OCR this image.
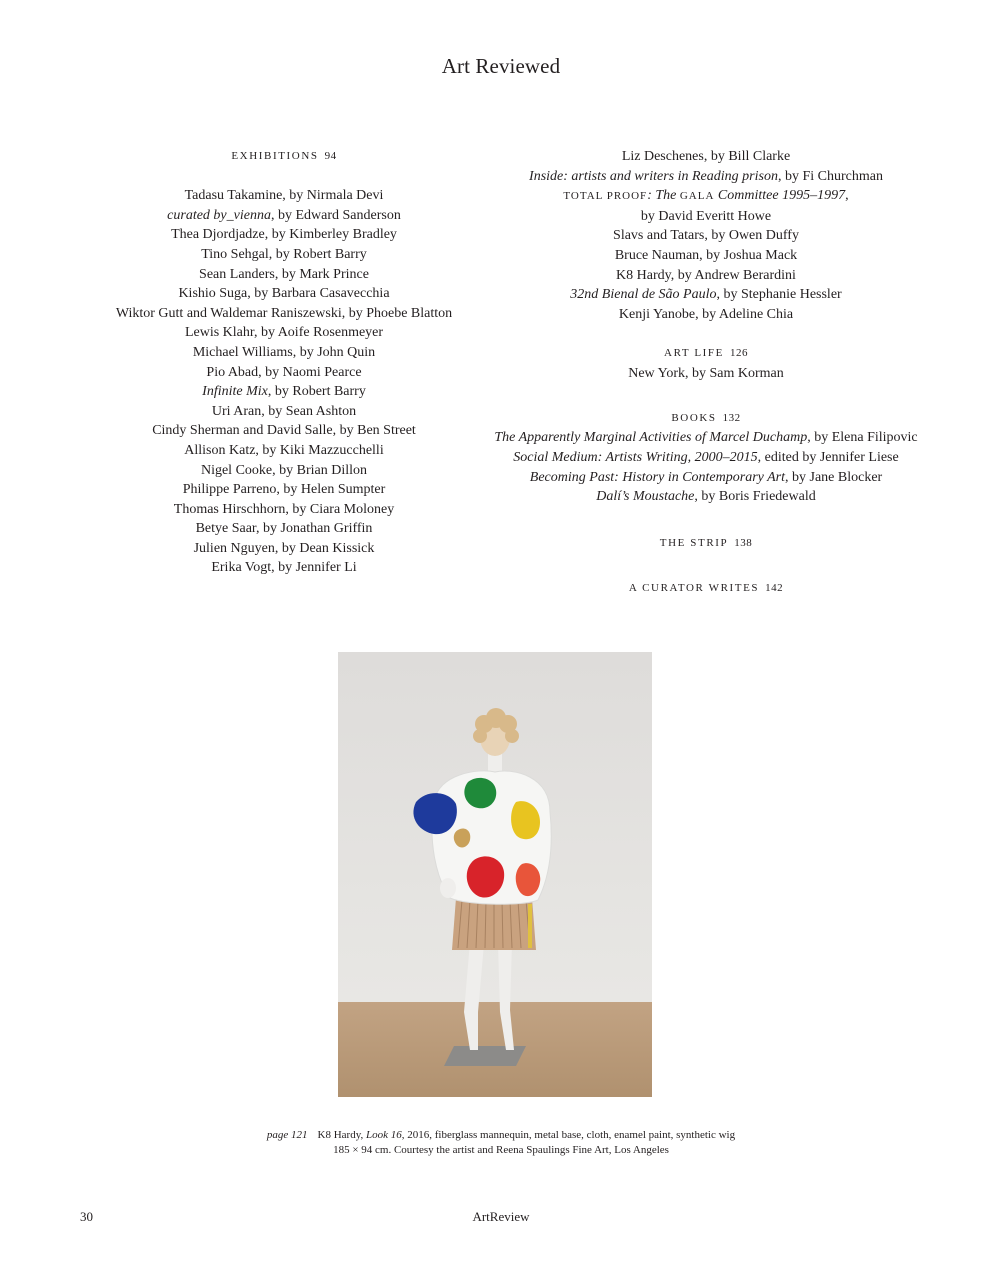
Art Reviewed
EXHIBITIONS 94
Tadasu Takamine, by Nirmala Devi
curated by_vienna, by Edward Sanderson
Thea Djordjadze, by Kimberley Bradley
Tino Sehgal, by Robert Barry
Sean Landers, by Mark Prince
Kishio Suga, by Barbara Casavecchia
Wiktor Gutt and Waldemar Raniszewski, by Phoebe Blatton
Lewis Klahr, by Aoife Rosenmeyer
Michael Williams, by John Quin
Pio Abad, by Naomi Pearce
Infinite Mix, by Robert Barry
Uri Aran, by Sean Ashton
Cindy Sherman and David Salle, by Ben Street
Allison Katz, by Kiki Mazzucchelli
Nigel Cooke, by Brian Dillon
Philippe Parreno, by Helen Sumpter
Thomas Hirschhorn, by Ciara Moloney
Betye Saar, by Jonathan Griffin
Julien Nguyen, by Dean Kissick
Erika Vogt, by Jennifer Li
Liz Deschenes, by Bill Clarke
Inside: artists and writers in Reading prison, by Fi Churchman
TOTAL PROOF: The GALA Committee 1995–1997,
by David Everitt Howe
Slavs and Tatars, by Owen Duffy
Bruce Nauman, by Joshua Mack
K8 Hardy, by Andrew Berardini
32nd Bienal de São Paulo, by Stephanie Hessler
Kenji Yanobe, by Adeline Chia
ART LIFE 126
New York, by Sam Korman
BOOKS 132
The Apparently Marginal Activities of Marcel Duchamp, by Elena Filipovic
Social Medium: Artists Writing, 2000–2015, edited by Jennifer Liese
Becoming Past: History in Contemporary Art, by Jane Blocker
Dalí’s Moustache, by Boris Friedewald
THE STRIP 138
A CURATOR WRITES 142
page 121 K8 Hardy, Look 16, 2016, fiberglass mannequin, metal base, cloth, enamel paint, synthetic wig
185 × 94 cm. Courtesy the artist and Reena Spaulings Fine Art, Los Angeles
30	ArtReview
